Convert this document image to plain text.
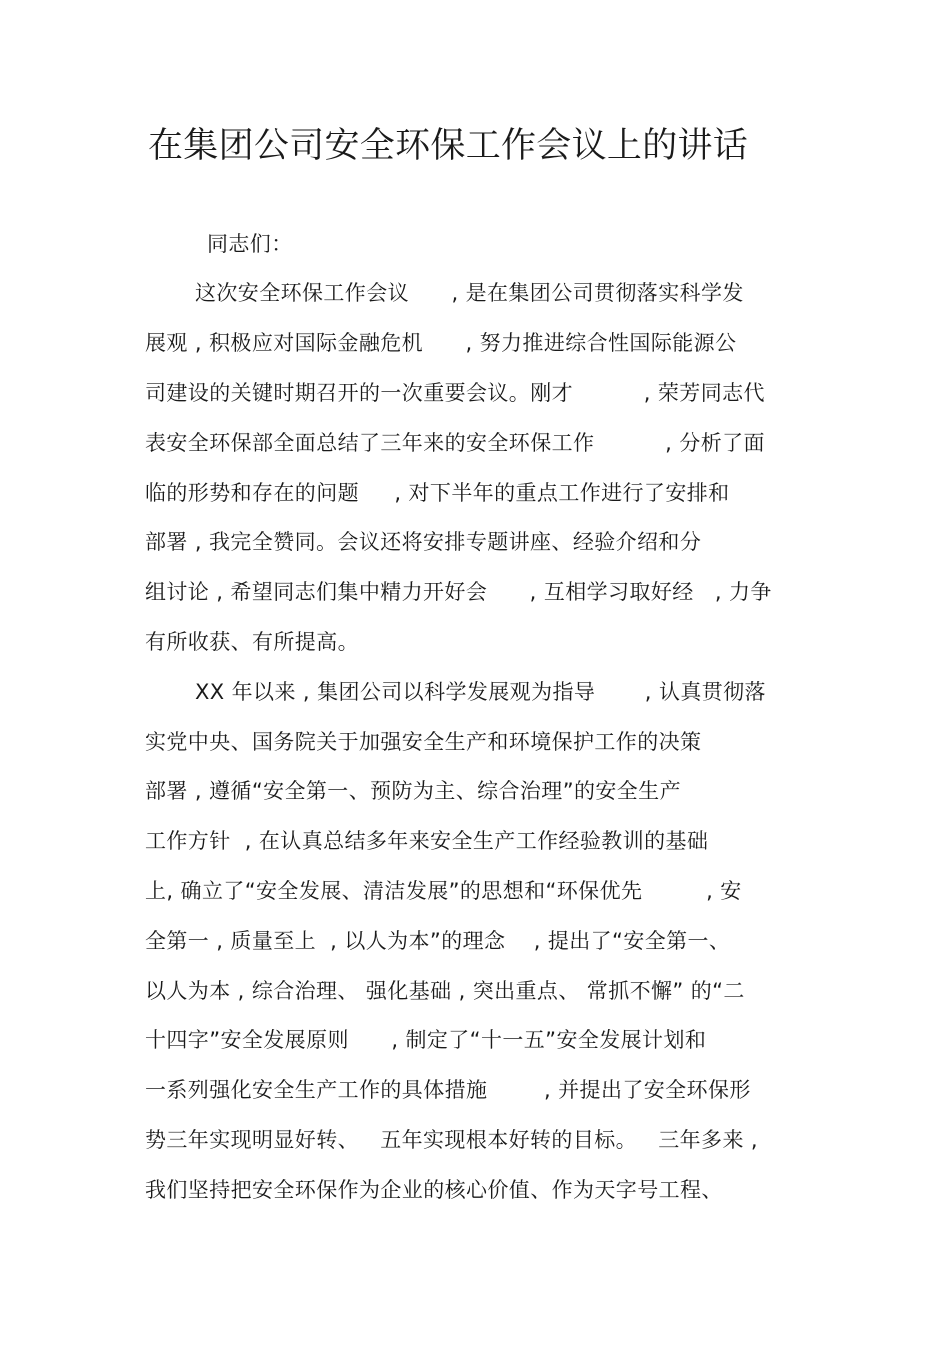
在集团公司安全环保工作会议上的讲话
同志们：
这次安全环保工作会议      , 是在集团公司贯彻落实科学发
展观 , 积极应对国际金融危机      , 努力推进综合性国际能源公
司建设的关键时期召开的一次重要会议。刚才          , 荣芳同志代
表安全环保部全面总结了三年来的安全环保工作          , 分析了面
临的形势和存在的问题     , 对下半年的重点工作进行了安排和
部署 , 我完全赞同。会议还将安排专题讲座、经验介绍和分
组讨论 , 希望同志们集中精力开好会      , 互相学习取好经   , 力争
有所收获、有所提高。
XX 年以来 , 集团公司以科学发展观为指导       , 认真贯彻落
实党中央、国务院关于加强安全生产和环境保护工作的决策
部署 , 遵循“安全第一、预防为主、综合治理”的安全生产
工作方针  , 在认真总结多年来安全生产工作经验教训的基础
上, 确立了“安全发展、清洁发展”的思想和“环保优先         , 安
全第一 , 质量至上  , 以人为本”的理念    , 提出了“安全第一、
以人为本 , 综合治理、 强化基础 , 突出重点、 常抓不懈” 的“二
十四字”安全发展原则      , 制定了“十一五”安全发展计划和
一系列强化安全生产工作的具体措施        , 并提出了安全环保形
势三年实现明显好转、   五年实现根本好转的目标。   三年多来 ,
我们坚持把安全环保作为企业的核心价值、作为天字号工程、
